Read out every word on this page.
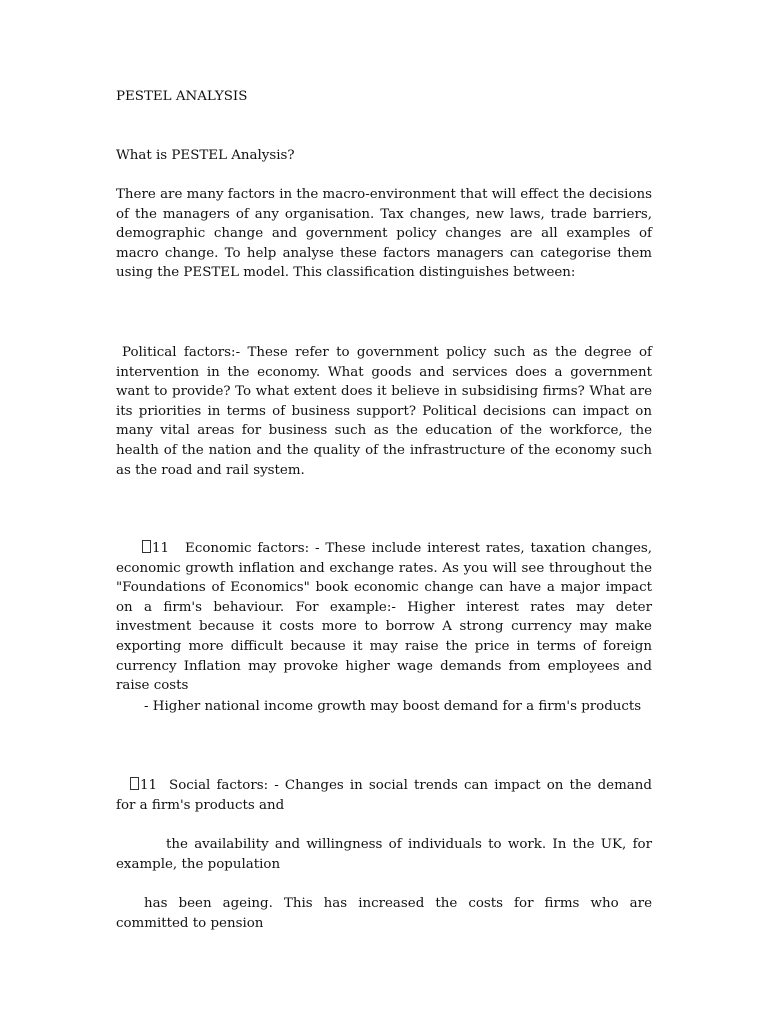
PESTEL ANALYSIS

What is PESTEL Analysis?

There are many factors in the macro-environment that will effect the decisions of the managers of any organisation. Tax changes, new laws, trade barriers, demographic change and government policy changes are all examples of macro change. To help analyse these factors managers can categorise them using the PESTEL model. This classification distinguishes between:

Political factors:- These refer to government policy such as the degree of intervention in the economy. What goods and services does a government want to provide? To what extent does it believe in subsidising firms? What are its priorities in terms of business support? Political decisions can impact on many vital areas for business such as the education of the workforce, the health of the nation and the quality of the infrastructure of the economy such as the road and rail system.

11 Economic factors: - These include interest rates, taxation changes, economic growth inflation and exchange rates. As you will see throughout the "Foundations of Economics" book economic change can have a major impact on a firm's behaviour. For example:- Higher interest rates may deter investment because it costs more to borrow A strong currency may make exporting more difficult because it may raise the price in terms of foreign currency Inflation may provoke higher wage demands from employees and raise costs

- Higher national income growth may boost demand for a firm's products

11 Social factors: - Changes in social trends can impact on the demand for a firm's products and

the availability and willingness of individuals to work. In the UK, for example, the population

has been ageing. This has increased the costs for firms who are committed to pension
